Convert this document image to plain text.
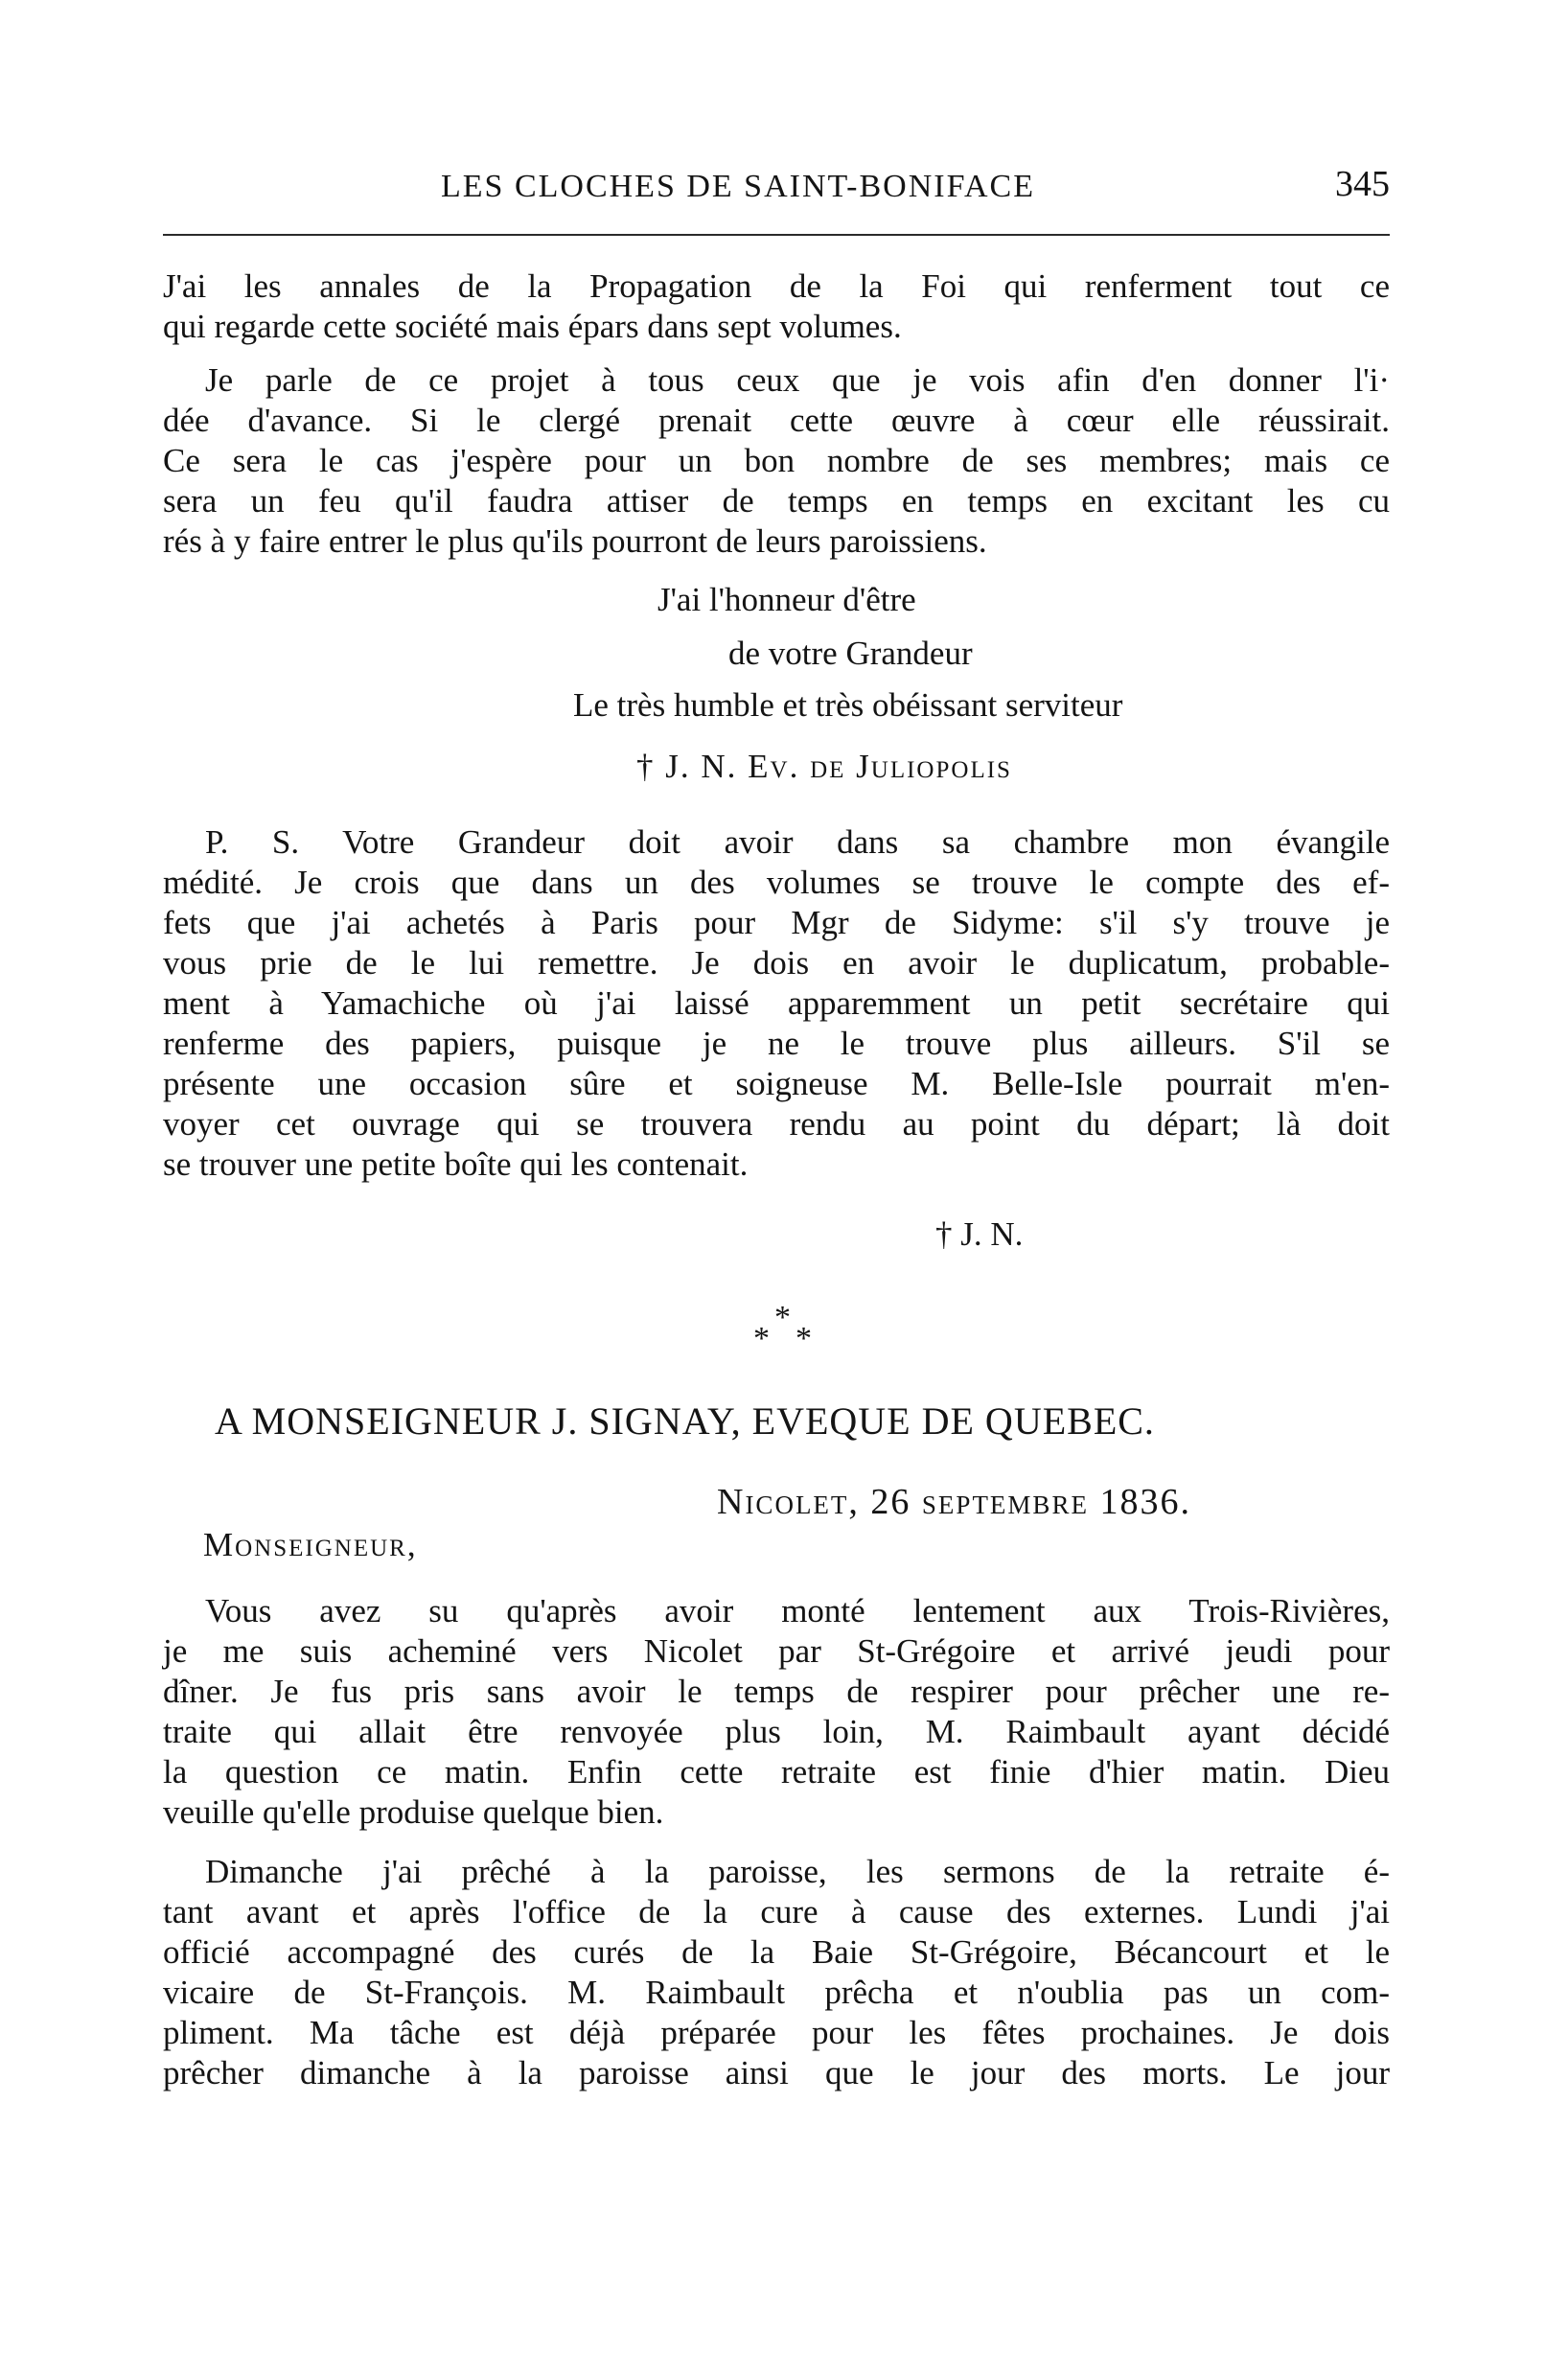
LES CLOCHES DE SAINT-BONIFACE	345
J'ai les annales de la Propagation de la Foi qui renferment tout ce
qui regarde cette société mais épars dans sept volumes.
Je parle de ce projet à tous ceux que je vois afin d'en donner l'i·
dée d'avance. Si le clergé prenait cette œuvre à cœur elle réussirait.
Ce sera le cas j'espère pour un bon nombre de ses membres; mais ce
sera un feu qu'il faudra attiser de temps en temps en excitant les cu
rés à y faire entrer le plus qu'ils pourront de leurs paroissiens.
J'ai l'honneur d'être
de votre Grandeur
Le très humble et très obéissant serviteur
† J. N. Ev. de Juliopolis
P. S. Votre Grandeur doit avoir dans sa chambre mon évangile
médité. Je crois que dans un des volumes se trouve le compte des ef-
fets que j'ai achetés à Paris pour Mgr de Sidyme: s'il s'y trouve je
vous prie de le lui remettre. Je dois en avoir le duplicatum, probable-
ment à Yamachiche où j'ai laissé apparemment un petit secrétaire qui
renferme des papiers, puisque je ne le trouve plus ailleurs. S'il se
présente une occasion sûre et soigneuse M. Belle-Isle pourrait m'en-
voyer cet ouvrage qui se trouvera rendu au point du départ; là doit
se trouver une petite boîte qui les contenait.
† J. N.
*
* *
A MONSEIGNEUR J. SIGNAY, EVEQUE DE QUEBEC.
Nicolet, 26 septembre 1836.
Monseigneur,
Vous avez su qu'après avoir monté lentement aux Trois-Rivières,
je me suis acheminé vers Nicolet par St-Grégoire et arrivé jeudi pour
dîner. Je fus pris sans avoir le temps de respirer pour prêcher une re-
traite qui allait être renvoyée plus loin, M. Raimbault ayant décidé
la question ce matin. Enfin cette retraite est finie d'hier matin. Dieu
veuille qu'elle produise quelque bien.
Dimanche j'ai prêché à la paroisse, les sermons de la retraite é-
tant avant et après l'office de la cure à cause des externes. Lundi j'ai
officié accompagné des curés de la Baie St-Grégoire, Bécancourt et le
vicaire de St-François. M. Raimbault prêcha et n'oublia pas un com-
pliment. Ma tâche est déjà préparée pour les fêtes prochaines. Je dois
prêcher dimanche à la paroisse ainsi que le jour des morts. Le jour
